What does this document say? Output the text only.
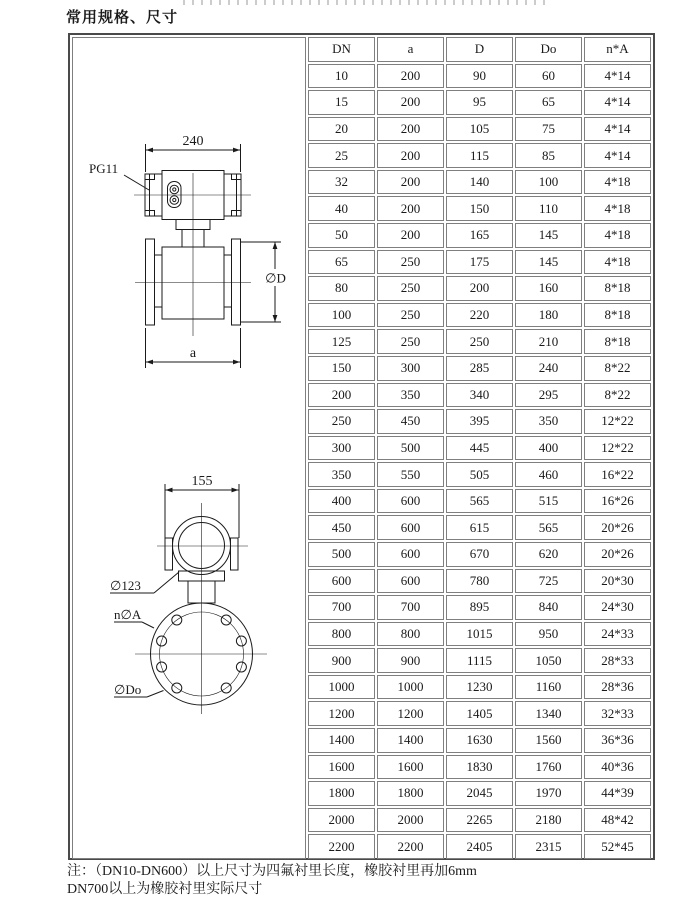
常用规格、尺寸
240
PG11
∅D
a
155
∅123
n∅A
∅Do
	DN	a	D	Do	n*A
	10	200	90	60	4*14
	15	200	95	65	4*14
	20	200	105	75	4*14
	25	200	115	85	4*14
	32	200	140	100	4*18
	40	200	150	110	4*18
	50	200	165	145	4*18
	65	250	175	145	4*18
	80	250	200	160	8*18
	100	250	220	180	8*18
	125	250	250	210	8*18
	150	300	285	240	8*22
	200	350	340	295	8*22
	250	450	395	350	12*22
	300	500	445	400	12*22
	350	550	505	460	16*22
	400	600	565	515	16*26
	450	600	615	565	20*26
	500	600	670	620	20*26
	600	600	780	725	20*30
	700	700	895	840	24*30
	800	800	1015	950	24*33
	900	900	1115	1050	28*33
	1000	1000	1230	1160	28*36
	1200	1200	1405	1340	32*33
	1400	1400	1630	1560	36*36
	1600	1600	1830	1760	40*36
	1800	1800	2045	1970	44*39
	2000	2000	2265	2180	48*42
	2200	2200	2405	2315	52*45
注：（DN10-DN600）以上尺寸为四氟衬里长度，橡胶衬里再加6mm
DN700以上为橡胶衬里实际尺寸
